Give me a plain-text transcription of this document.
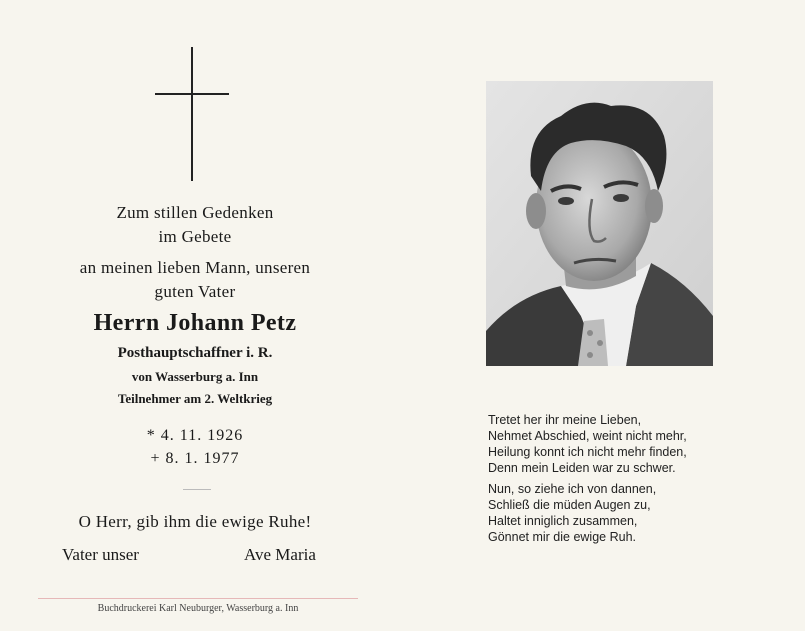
Zum stillen Gedenken
im Gebete
an meinen lieben Mann, unseren
guten Vater
Herrn Johann Petz
Posthauptschaffner i. R.
von Wasserburg a. Inn
Teilnehmer am 2. Weltkrieg
* 4. 11. 1926
+ 8. 1. 1977
O Herr, gib ihm die ewige Ruhe!
Vater unser	Ave Maria
Buchdruckerei Karl Neuburger, Wasserburg a. Inn
Tretet her ihr meine Lieben,
Nehmet Abschied, weint nicht mehr,
Heilung konnt ich nicht mehr finden,
Denn mein Leiden war zu schwer.
Nun, so ziehe ich von dannen,
Schließ die müden Augen zu,
Haltet inniglich zusammen,
Gönnet mir die ewige Ruh.
